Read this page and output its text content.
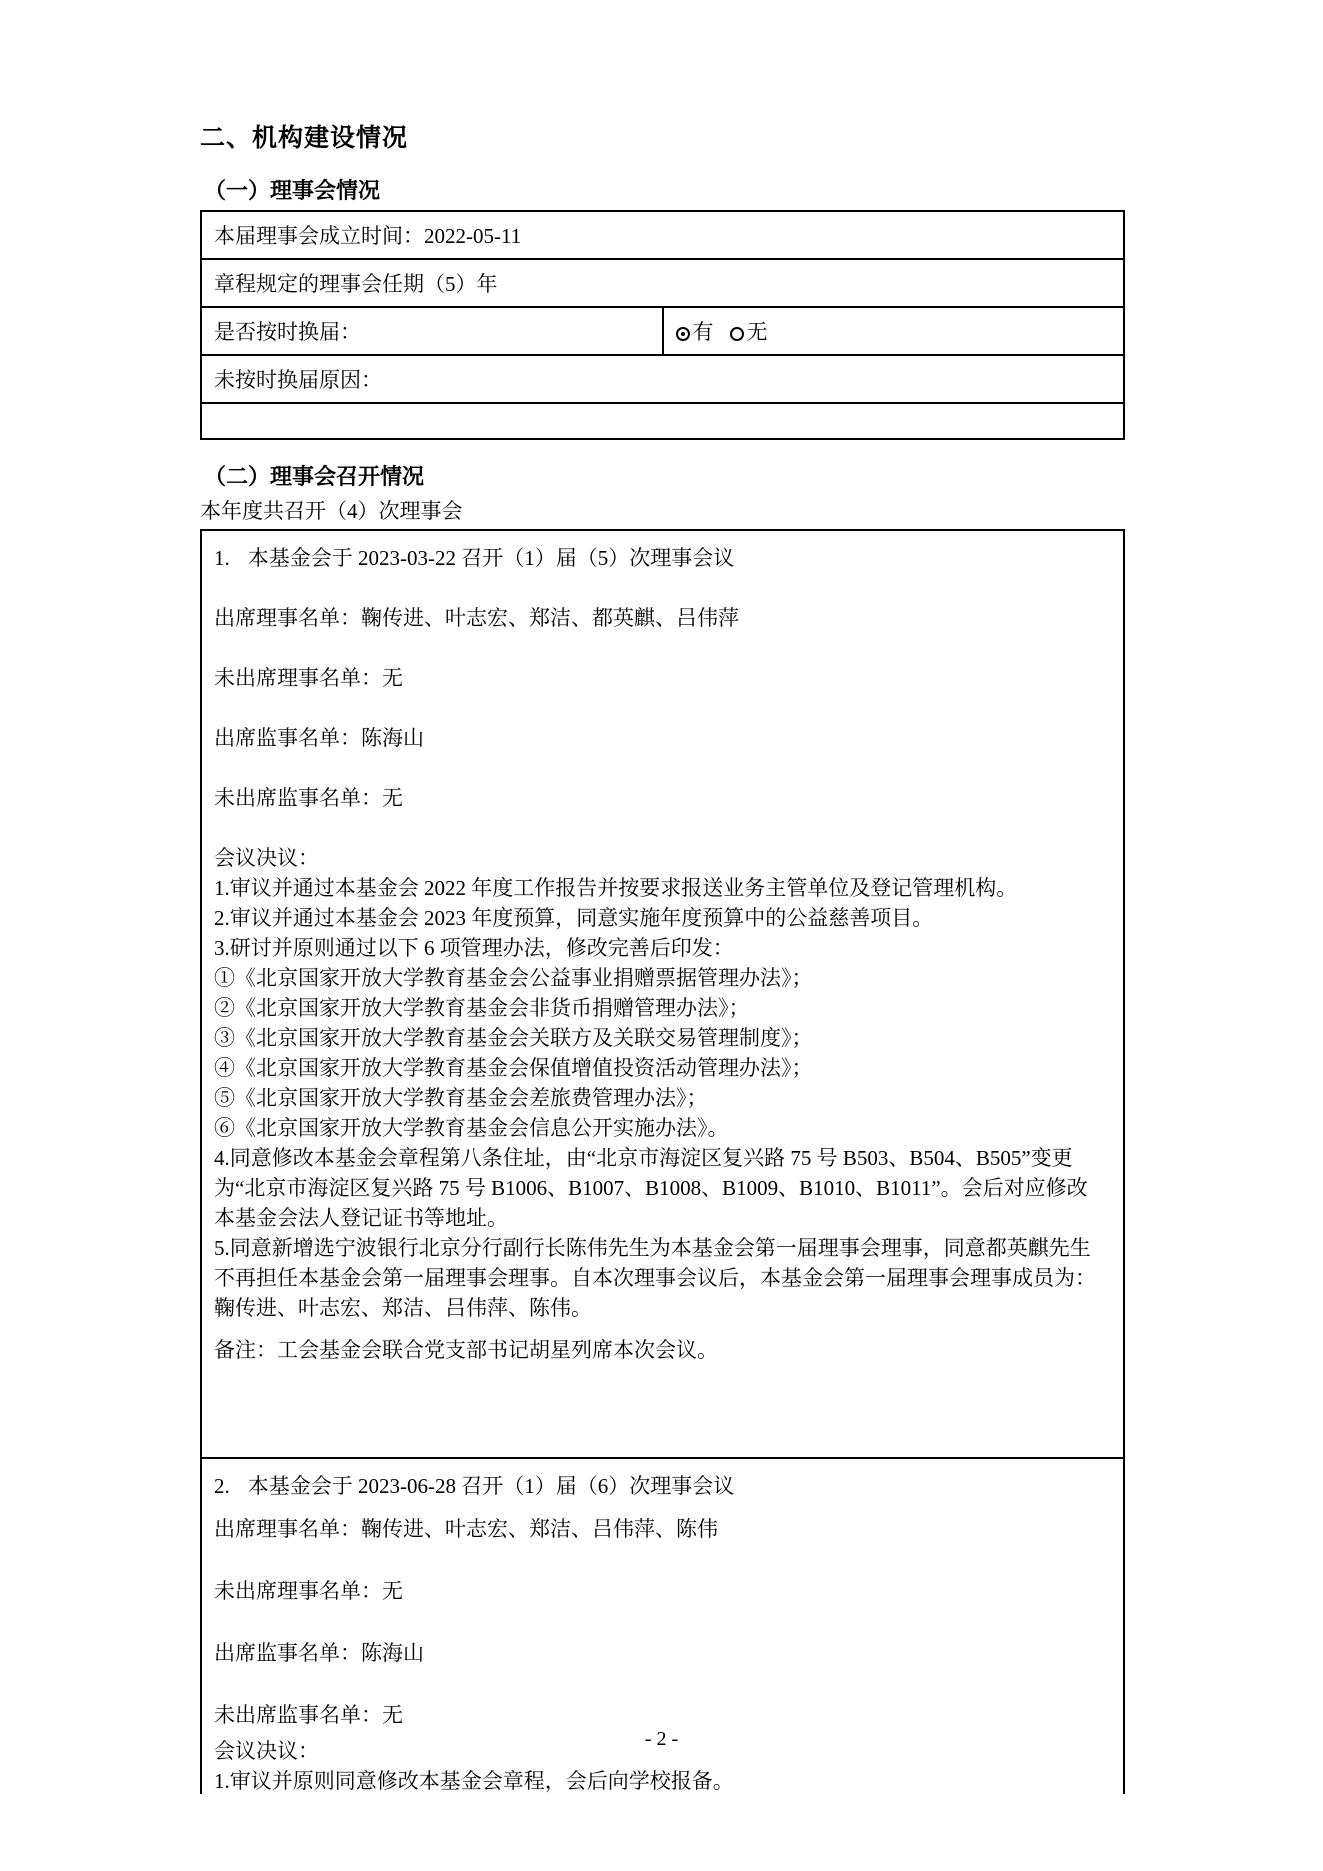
二、机构建设情况
（一）理事会情况
本届理事会成立时间：2022-05-11
章程规定的理事会任期（5）年
是否按时换届：	有 无
未按时换届原因：

（二）理事会召开情况
本年度共召开（4）次理事会

1. 本基金会于 2023-03-22 召开（1）届（5）次理事会议

出席理事名单：鞠传进、叶志宏、郑洁、都英麒、吕伟萍

未出席理事名单：无

出席监事名单：陈海山

未出席监事名单：无

会议决议：

1.审议并通过本基金会 2022 年度工作报告并按要求报送业务主管单位及登记管理机构。

2.审议并通过本基金会 2023 年度预算，同意实施年度预算中的公益慈善项目。

3.研讨并原则通过以下 6 项管理办法，修改完善后印发：

①《北京国家开放大学教育基金会公益事业捐赠票据管理办法》；

②《北京国家开放大学教育基金会非货币捐赠管理办法》；

③《北京国家开放大学教育基金会关联方及关联交易管理制度》；

④《北京国家开放大学教育基金会保值增值投资活动管理办法》；

⑤《北京国家开放大学教育基金会差旅费管理办法》；

⑥《北京国家开放大学教育基金会信息公开实施办法》。

4.同意修改本基金会章程第八条住址，由“北京市海淀区复兴路 75 号 B503、B504、B505”变更为“北京市海淀区复兴路 75 号 B1006、B1007、B1008、B1009、B1010、B1011”。会后对应修改本基金会法人登记证书等地址。

5.同意新增选宁波银行北京分行副行长陈伟先生为本基金会第一届理事会理事，同意都英麒先生不再担任本基金会第一届理事会理事。自本次理事会议后，本基金会第一届理事会理事成员为：鞠传进、叶志宏、郑洁、吕伟萍、陈伟。

备注：工会基金会联合党支部书记胡星列席本次会议。

2. 本基金会于 2023-06-28 召开（1）届（6）次理事会议

出席理事名单：鞠传进、叶志宏、郑洁、吕伟萍、陈伟

未出席理事名单：无

出席监事名单：陈海山

未出席监事名单：无

会议决议：

1.审议并原则同意修改本基金会章程，会后向学校报备。

- 2 -
